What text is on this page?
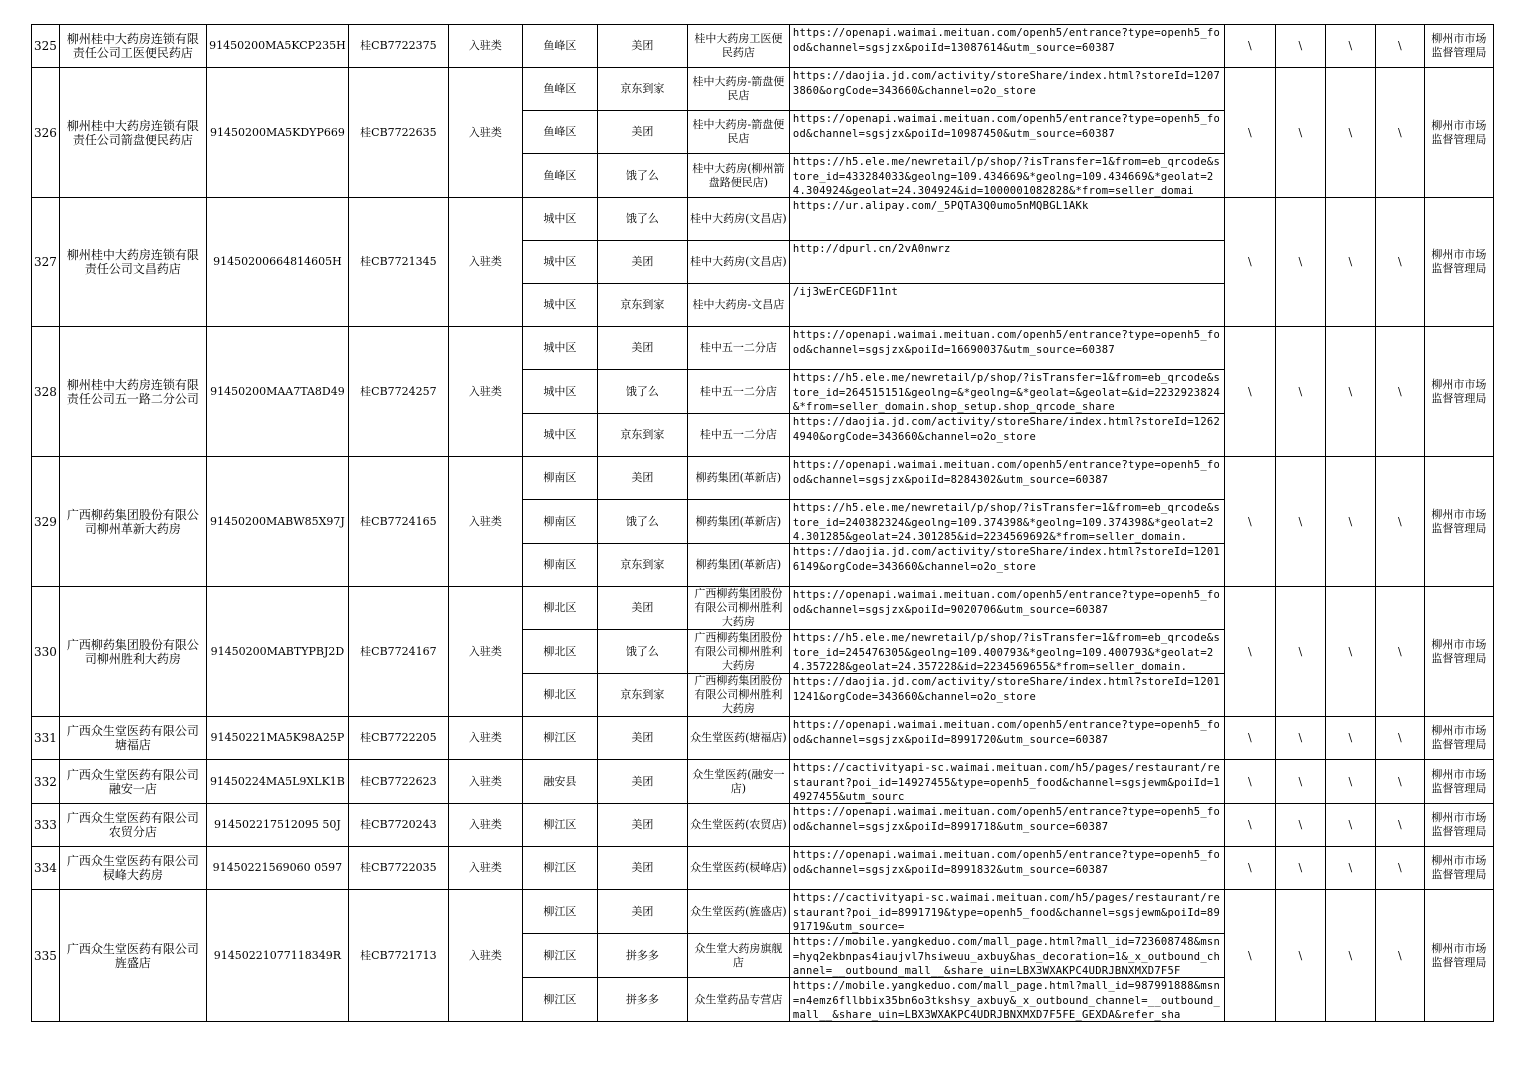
325	柳州桂中大药房连锁有限责任公司工医便民药店	91450200MA5KCP235H	桂CB7722375	入驻类	鱼峰区	美团	桂中大药房工医便民药店	https://openapi.waimai.meituan.com/openh5/entrance?type=openh5_food&channel=sgsjzx&poiId=13087614&utm_source=60387	\	\	\	\	柳州市市场监督管理局
326	柳州桂中大药房连锁有限责任公司箭盘便民药店	91450200MA5KDYP669	桂CB7722635	入驻类	鱼峰区	京东到家	桂中大药房-箭盘便民店	https://daojia.jd.com/activity/storeShare/index.html?storeId=12073860&orgCode=343660&channel=o2o_store	\	\	\	\	柳州市市场监督管理局
					鱼峰区	美团	桂中大药房-箭盘便民店	https://openapi.waimai.meituan.com/openh5/entrance?type=openh5_food&channel=sgsjzx&poiId=10987450&utm_source=60387					

					鱼峰区	饿了么	桂中大药房(柳州箭盘路便民店)	https://h5.ele.me/newretail/p/shop/?isTransfer=1&from=eb_qrcode&store_id=433284033&geolng=109.434669&*geolng=109.434669&*geolat=24.304924&geolat=24.304924&id=1000001082828&*from=seller_domai					

327	柳州桂中大药房连锁有限责任公司文昌药店	91450200664814605H	桂CB7721345	入驻类	城中区	饿了么	桂中大药房(文昌店)	https://ur.alipay.com/_5PQTA3Q0umo5nMQBGL1AKk	\	\	\	\	柳州市市场监督管理局
					城中区	美团	桂中大药房(文昌店)	http://dpurl.cn/2vA0nwrz					

					城中区	京东到家	桂中大药房-文昌店	/ij3wErCEGDF11nt					

328	柳州桂中大药房连锁有限责任公司五一路二分公司	91450200MAA7TA8D49	桂CB7724257	入驻类	城中区	美团	桂中五一二分店	https://openapi.waimai.meituan.com/openh5/entrance?type=openh5_food&channel=sgsjzx&poiId=16690037&utm_source=60387	\	\	\	\	柳州市市场监督管理局
					城中区	饿了么	桂中五一二分店	https://h5.ele.me/newretail/p/shop/?isTransfer=1&from=eb_qrcode&store_id=264515151&geolng=&*geolng=&*geolat=&geolat=&id=2232923824&*from=seller_domain.shop_setup.shop_qrcode_share					

					城中区	京东到家	桂中五一二分店	https://daojia.jd.com/activity/storeShare/index.html?storeId=12624940&orgCode=343660&channel=o2o_store					

329	广西柳药集团股份有限公司柳州革新大药房	91450200MABW85X97J	桂CB7724165	入驻类	柳南区	美团	柳药集团(革新店)	https://openapi.waimai.meituan.com/openh5/entrance?type=openh5_food&channel=sgsjzx&poiId=8284302&utm_source=60387	\	\	\	\	柳州市市场监督管理局
					柳南区	饿了么	柳药集团(革新店)	https://h5.ele.me/newretail/p/shop/?isTransfer=1&from=eb_qrcode&store_id=240382324&geolng=109.374398&*geolng=109.374398&*geolat=24.301285&geolat=24.301285&id=2234569692&*from=seller_domain.					

					柳南区	京东到家	柳药集团(革新店)	https://daojia.jd.com/activity/storeShare/index.html?storeId=12016149&orgCode=343660&channel=o2o_store					

330	广西柳药集团股份有限公司柳州胜利大药房	91450200MABTYPBJ2D	桂CB7724167	入驻类	柳北区	美团	广西柳药集团股份有限公司柳州胜利大药房	https://openapi.waimai.meituan.com/openh5/entrance?type=openh5_food&channel=sgsjzx&poiId=9020706&utm_source=60387	\	\	\	\	柳州市市场监督管理局
					柳北区	饿了么	广西柳药集团股份有限公司柳州胜利大药房	https://h5.ele.me/newretail/p/shop/?isTransfer=1&from=eb_qrcode&store_id=245476305&geolng=109.400793&*geolng=109.400793&*geolat=24.357228&geolat=24.357228&id=2234569655&*from=seller_domain.					

					柳北区	京东到家	广西柳药集团股份有限公司柳州胜利大药房	https://daojia.jd.com/activity/storeShare/index.html?storeId=12011241&orgCode=343660&channel=o2o_store					

331	广西众生堂医药有限公司塘福店	91450221MA5K98A25P	桂CB7722205	入驻类	柳江区	美团	众生堂医药(塘福店)	https://openapi.waimai.meituan.com/openh5/entrance?type=openh5_food&channel=sgsjzx&poiId=8991720&utm_source=60387	\	\	\	\	柳州市市场监督管理局
332	广西众生堂医药有限公司融安一店	91450224MA5L9XLK1B	桂CB7722623	入驻类	融安县	美团	众生堂医药(融安一店)	https://cactivityapi-sc.waimai.meituan.com/h5/pages/restaurant/restaurant?poi_id=14927455&type=openh5_food&channel=sgsjewm&poiId=14927455&utm_sourc	\	\	\	\	柳州市市场监督管理局
333	广西众生堂医药有限公司农贸分店	914502217512095 50J	桂CB7720243	入驻类	柳江区	美团	众生堂医药(农贸店)	https://openapi.waimai.meituan.com/openh5/entrance?type=openh5_food&channel=sgsjzx&poiId=8991718&utm_source=60387	\	\	\	\	柳州市市场监督管理局
334	广西众生堂医药有限公司棂峰大药房	91450221569060 0597	桂CB7722035	入驻类	柳江区	美团	众生堂医药(棂峰店)	https://openapi.waimai.meituan.com/openh5/entrance?type=openh5_food&channel=sgsjzx&poiId=8991832&utm_source=60387	\	\	\	\	柳州市市场监督管理局
335	广西众生堂医药有限公司旌盛店	91450221077118349R	桂CB7721713	入驻类	柳江区	美团	众生堂医药(旌盛店)	https://cactivityapi-sc.waimai.meituan.com/h5/pages/restaurant/restaurant?poi_id=8991719&type=openh5_food&channel=sgsjewm&poiId=8991719&utm_source=	\	\	\	\	柳州市市场监督管理局
					柳江区	拼多多	众生堂大药房旗舰店	https://mobile.yangkeduo.com/mall_page.html?mall_id=723608748&msn=hyq2ekbnpas4iaujvl7hsiweuu_axbuy&has_decoration=1&_x_outbound_channel=__outbound_mall__&share_uin=LBX3WXAKPC4UDRJBNXMXD7F5F					

					柳江区	拼多多	众生堂药品专营店	https://mobile.yangkeduo.com/mall_page.html?mall_id=987991888&msn=n4emz6fllbbix35bn6o3tkshsy_axbuy&_x_outbound_channel=__outbound_mall__&share_uin=LBX3WXAKPC4UDRJBNXMXD7F5FE_GEXDA&refer_sha					
